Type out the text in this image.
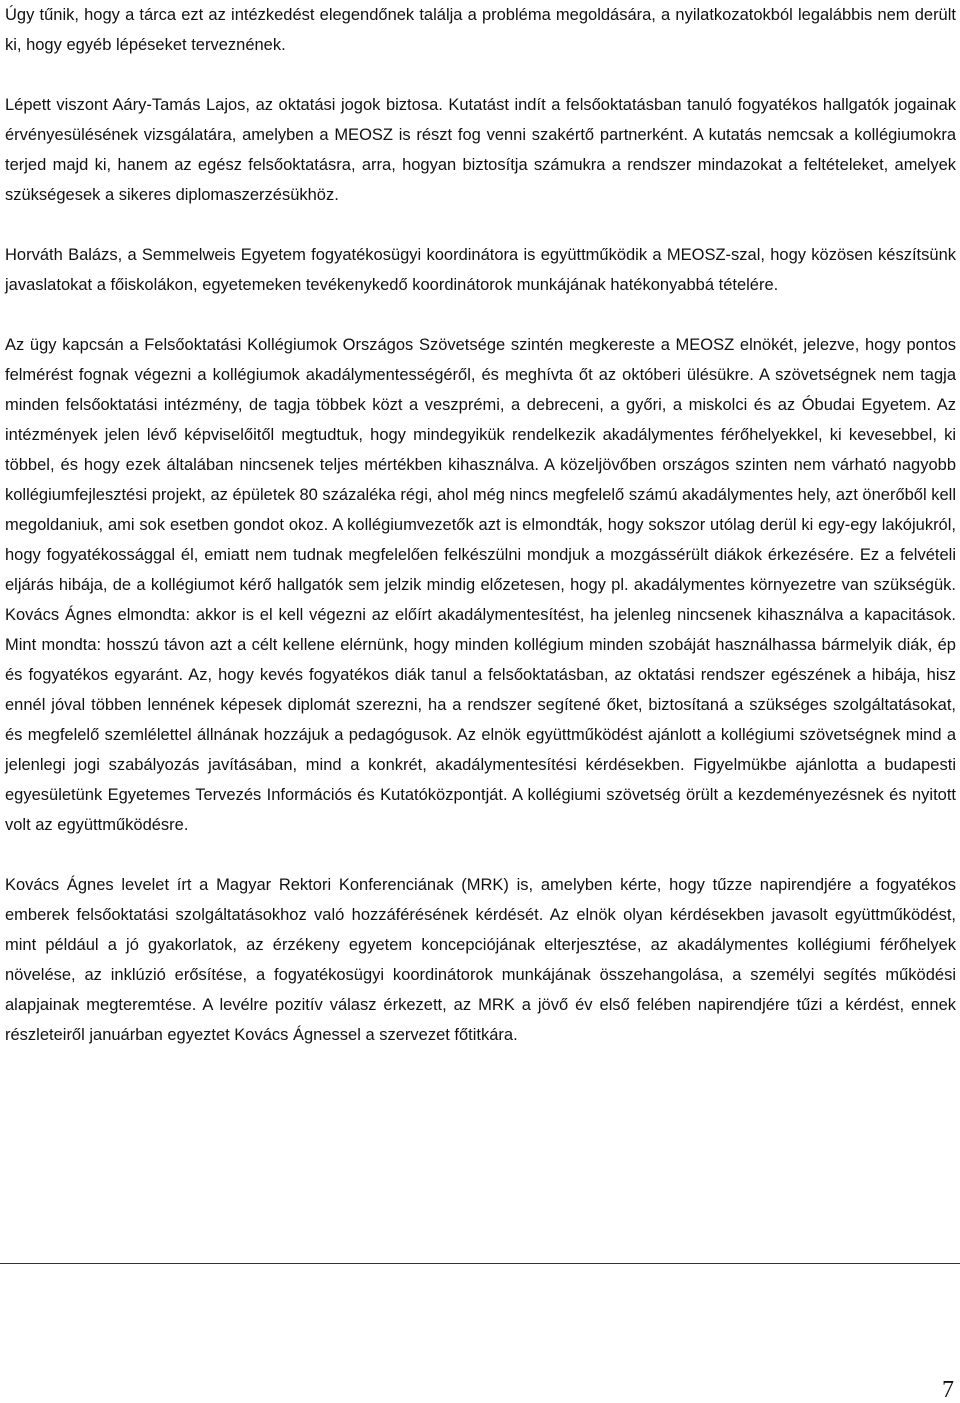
Úgy tűnik, hogy a tárca ezt az intézkedést elegendőnek találja a probléma megoldására, a nyilatkozatokból legalábbis nem derült ki, hogy egyéb lépéseket terveznének.

Lépett viszont Aáry-Tamás Lajos, az oktatási jogok biztosa. Kutatást indít a felsőoktatásban tanuló fogyatékos hallgatók jogainak érvényesülésének vizsgálatára, amelyben a MEOSZ is részt fog venni szakértő partnerként. A kutatás nemcsak a kollégiumokra terjed majd ki, hanem az egész felsőoktatásra, arra, hogyan biztosítja számukra a rendszer mindazokat a feltételeket, amelyek szükségesek a sikeres diplomaszerzésükhöz.

Horváth Balázs, a Semmelweis Egyetem fogyatékosügyi koordinátora is együttműködik a MEOSZ-szal, hogy közösen készítsünk javaslatokat a főiskolákon, egyetemeken tevékenykedő koordinátorok munkájának hatékonyabbá tételére.

Az ügy kapcsán a Felsőoktatási Kollégiumok Országos Szövetsége szintén megkereste a MEOSZ elnökét, jelezve, hogy pontos felmérést fognak végezni a kollégiumok akadálymentességéről, és meghívta őt az októberi ülésükre. A szövetségnek nem tagja minden felsőoktatási intézmény, de tagja többek közt a veszprémi, a debreceni, a győri, a miskolci és az Óbudai Egyetem. Az intézmények jelen lévő képviselőitől megtudtuk, hogy mindegyikük rendelkezik akadálymentes férőhelyekkel, ki kevesebbel, ki többel, és hogy ezek általában nincsenek teljes mértékben kihasználva. A közeljövőben országos szinten nem várható nagyobb kollégiumfejlesztési projekt, az épületek 80 százaléka régi, ahol még nincs megfelelő számú akadálymentes hely, azt önerőből kell megoldaniuk, ami sok esetben gondot okoz. A kollégiumvezetők azt is elmondták, hogy sokszor utólag derül ki egy-egy lakójukról, hogy fogyatékossággal él, emiatt nem tudnak megfelelően felkészülni mondjuk a mozgássérült diákok érkezésére. Ez a felvételi eljárás hibája, de a kollégiumot kérő hallgatók sem jelzik mindig előzetesen, hogy pl. akadálymentes környezetre van szükségük. Kovács Ágnes elmondta: akkor is el kell végezni az előírt akadálymentesítést, ha jelenleg nincsenek kihasználva a kapacitások. Mint mondta: hosszú távon azt a célt kellene elérnünk, hogy minden kollégium minden szobáját használhassa bármelyik diák, ép és fogyatékos egyaránt. Az, hogy kevés fogyatékos diák tanul a felsőoktatásban, az oktatási rendszer egészének a hibája, hisz ennél jóval többen lennének képesek diplomát szerezni, ha a rendszer segítené őket, biztosítaná a szükséges szolgáltatásokat, és megfelelő szemlélettel állnának hozzájuk a pedagógusok. Az elnök együttműködést ajánlott a kollégiumi szövetségnek mind a jelenlegi jogi szabályozás javításában, mind a konkrét, akadálymentesítési kérdésekben. Figyelmükbe ajánlotta a budapesti egyesületünk Egyetemes Tervezés Információs és Kutatóközpontját. A kollégiumi szövetség örült a kezdeményezésnek és nyitott volt az együttműködésre.

Kovács Ágnes levelet írt a Magyar Rektori Konferenciának (MRK) is, amelyben kérte, hogy tűzze napirendjére a fogyatékos emberek felsőoktatási szolgáltatásokhoz való hozzáférésének kérdését. Az elnök olyan kérdésekben javasolt együttműködést, mint például a jó gyakorlatok, az érzékeny egyetem koncepciójának elterjesztése, az akadálymentes kollégiumi férőhelyek növelése, az inklúzió erősítése, a fogyatékosügyi koordinátorok munkájának összehangolása, a személyi segítés működési alapjainak megteremtése. A levélre pozitív válasz érkezett, az MRK a jövő év első felében napirendjére tűzi a kérdést, ennek részleteiről januárban egyeztet Kovács Ágnessel a szervezet főtitkára.

7
